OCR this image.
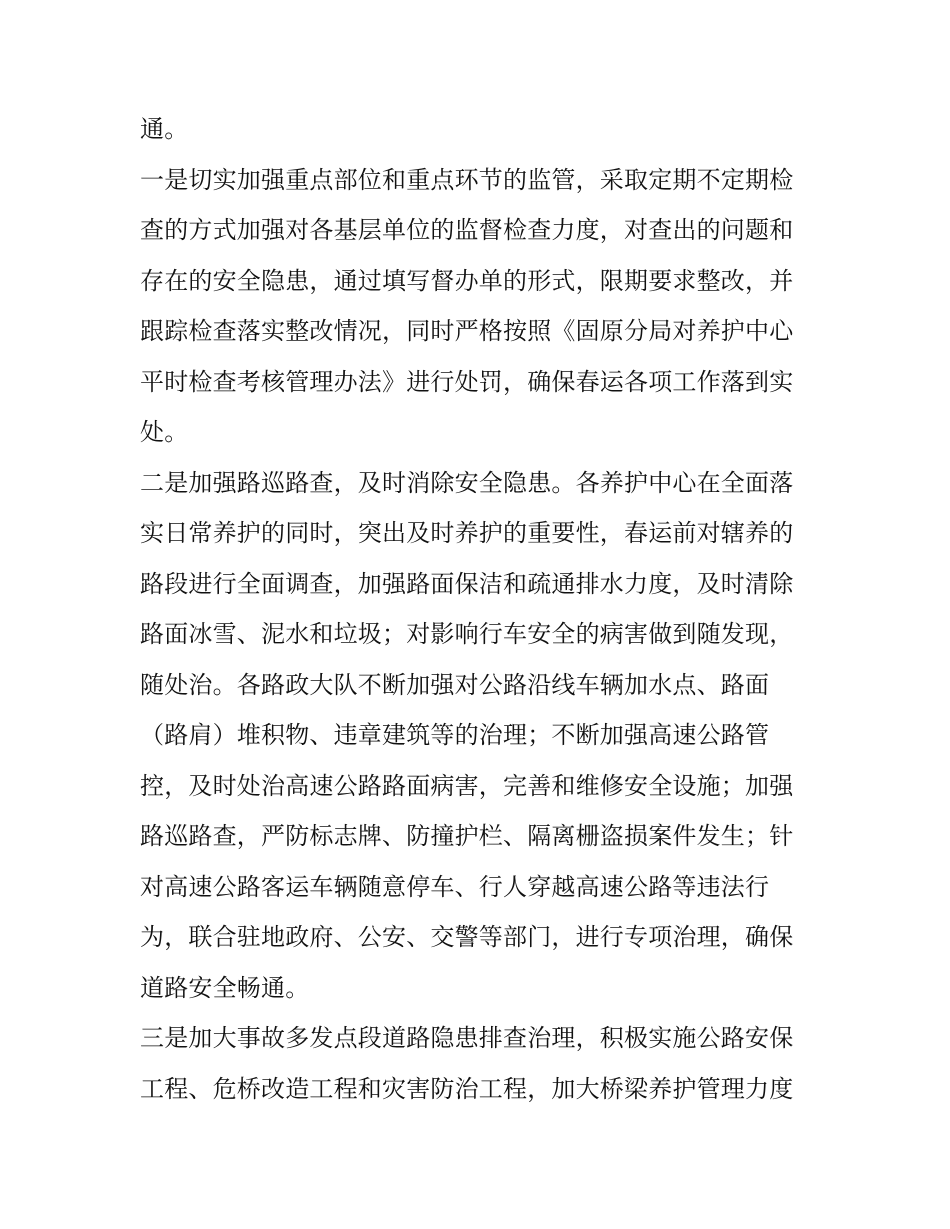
通。
一是切实加强重点部位和重点环节的监管，采取定期不定期检
查的方式加强对各基层单位的监督检查力度，对查出的问题和
存在的安全隐患，通过填写督办单的形式，限期要求整改，并
跟踪检查落实整改情况，同时严格按照《固原分局对养护中心
平时检查考核管理办法》进行处罚，确保春运各项工作落到实
处。
二是加强路巡路查，及时消除安全隐患。各养护中心在全面落
实日常养护的同时，突出及时养护的重要性，春运前对辖养的
路段进行全面调查，加强路面保洁和疏通排水力度，及时清除
路面冰雪、泥水和垃圾；对影响行车安全的病害做到随发现，
随处治。各路政大队不断加强对公路沿线车辆加水点、路面
（路肩）堆积物、违章建筑等的治理；不断加强高速公路管
控，及时处治高速公路路面病害，完善和维修安全设施；加强
路巡路查，严防标志牌、防撞护栏、隔离栅盗损案件发生；针
对高速公路客运车辆随意停车、行人穿越高速公路等违法行
为，联合驻地政府、公安、交警等部门，进行专项治理，确保
道路安全畅通。
三是加大事故多发点段道路隐患排查治理，积极实施公路安保
工程、危桥改造工程和灾害防治工程，加大桥梁养护管理力度
